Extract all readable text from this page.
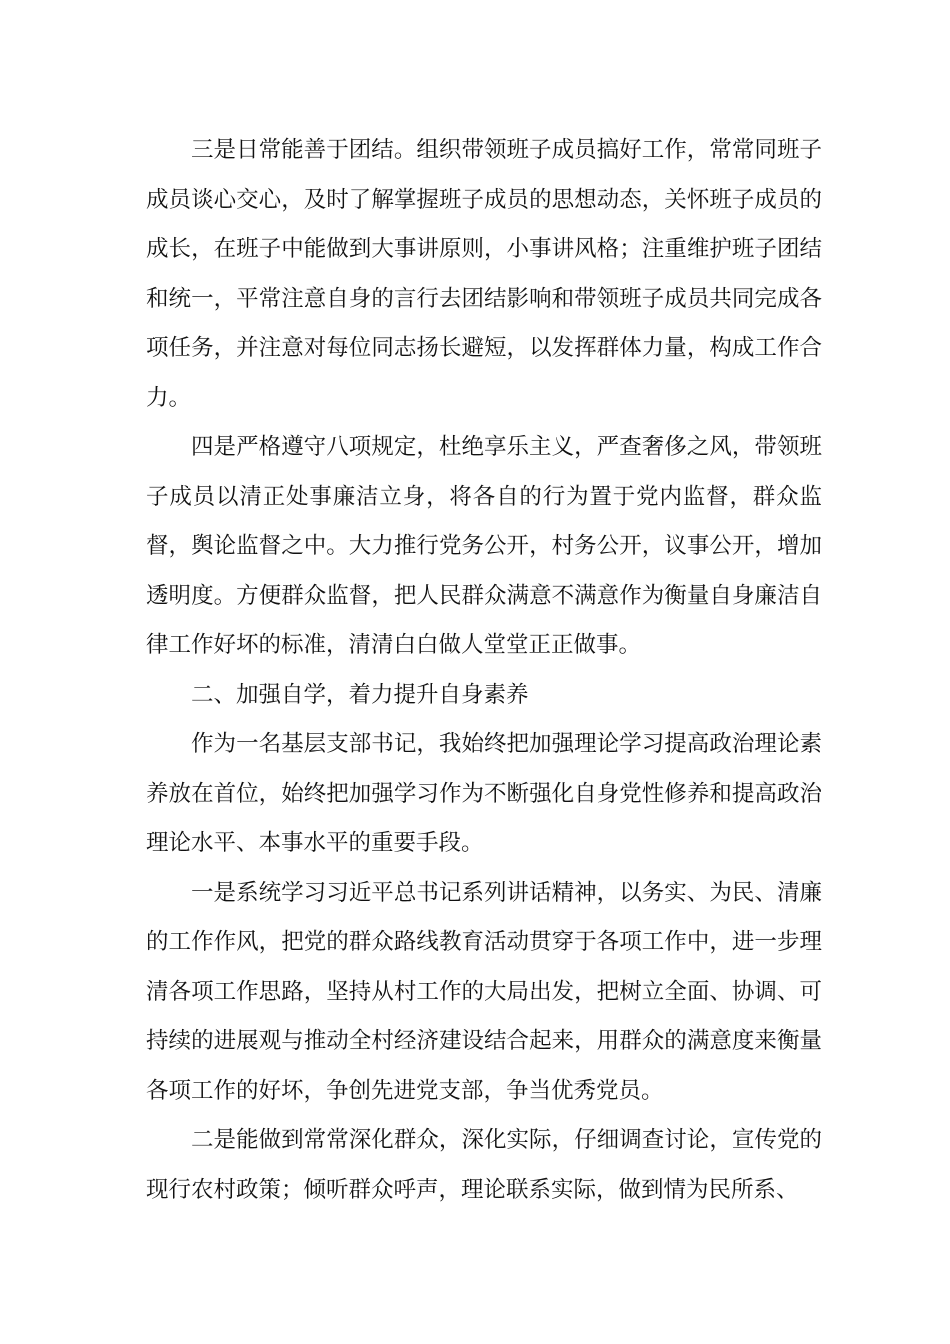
三是日常能善于团结。组织带领班子成员搞好工作，常常同班子成员谈心交心，及时了解掌握班子成员的思想动态，关怀班子成员的成长，在班子中能做到大事讲原则，小事讲风格；注重维护班子团结和统一，平常注意自身的言行去团结影响和带领班子成员共同完成各项任务，并注意对每位同志扬长避短，以发挥群体力量，构成工作合力。

四是严格遵守八项规定，杜绝享乐主义，严查奢侈之风，带领班子成员以清正处事廉洁立身，将各自的行为置于党内监督，群众监督，舆论监督之中。大力推行党务公开，村务公开，议事公开，增加透明度。方便群众监督，把人民群众满意不满意作为衡量自身廉洁自律工作好坏的标准，清清白白做人堂堂正正做事。

二、加强自学，着力提升自身素养

作为一名基层支部书记，我始终把加强理论学习提高政治理论素养放在首位，始终把加强学习作为不断强化自身党性修养和提高政治理论水平、本事水平的重要手段。

一是系统学习习近平总书记系列讲话精神，以务实、为民、清廉的工作作风，把党的群众路线教育活动贯穿于各项工作中，进一步理清各项工作思路，坚持从村工作的大局出发，把树立全面、协调、可持续的进展观与推动全村经济建设结合起来，用群众的满意度来衡量各项工作的好坏，争创先进党支部，争当优秀党员。

二是能做到常常深化群众，深化实际，仔细调查讨论，宣传党的现行农村政策；倾听群众呼声，理论联系实际，做到情为民所系、
